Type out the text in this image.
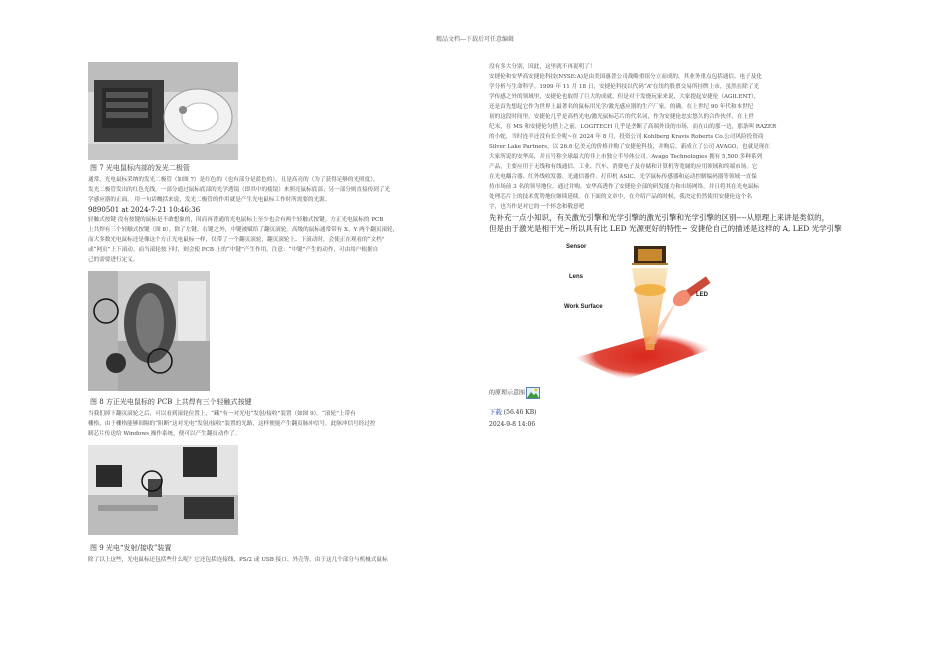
精品文档---下载后可任意编辑
图 7 光电鼠标内部的发光二极管

通常，光电鼠标采纳的发光二极管（如图 7）是红色的（也有部分是蓝色的），且是高亮的（为了获得足够的光照度），

发光二极管发出的红色光线，一部分通过鼠标底部的光学透镜（即其中的棱镜）来照亮鼠标底部；另一部分则直接传到了光

学感应器的正面。 用一句话概括来说，发光二极管的作用就是产生光电鼠标工作时所需要的光源。

9890501 at 2024-7-21 10:46:36

轻触式按键 没有按键的鼠标是不敢想象的，因而再普通的光电鼠标上至少也会有两个轻触式按键。方正光电鼠标的 PCB

上共焊有三个轻触式按键（图 8）。除了左键、右键之外，中键被赋给了翻页滚轮。高级的鼠标通常带有 X、Y 两个翻页滚轮，

而大多数光电鼠标还是像这个方正光电鼠标一样，仅带了一个翻页滚轮，翻页滚轮上、下滚动时，会使正在观看的“文档”

或“网页”上下滚动。而当滚轮按下时，则会使 PCB 上的“中键”产生作用。注意：“中键”产生的动作，可由用户根据自

己的需要进行定义。

图 8 方正光电鼠标的 PCB 上共焊有三个轻触式按键

当我们掉下翻页滚轮之后，可以看到滚轮位置上，“藏”有一对光电“发射/接收”装置（如图 9）。“滚轮”上带有

栅格，由于栅格能够间隔的“阻断”这对光电“发射/接收”装置的光路，这样便能产生翻页脉冲信号，此脉冲信号经过控

制芯片传送给 Windows 操作系统，便可以产生翻页动作了。

图 9 光电“发射/接收”装置

除了以上这些，光电鼠标还包括些什么呢？它还包括连接线、PS/2 或 USB 接口、外壳等。由于这几个部分与机械式鼠标

没有多大分别，因此，这里就不再说明了！

安捷伦和安华高安捷伦科技(NYSE:A)是由美国惠普公司战略重组分立而成的，其业务重点包括通信、电子及化

学分析与生命科学。1999 年 11 月 18 日，安捷伦科技以代码“A”在纽约股票交易所挂牌上市，虽然在除了光

学传感之外的领域里，安捷伦也取得了巨大的成就，但是对于发烧玩家来说，大家提起安捷伦（AGILENT），

还是首先想起它作为世界上最著名的鼠标用光学/激光感应器的生产厂家。的确，在上世纪 90 年代和本世纪

初的这段时间里，安捷伦几乎是高档光电/激光鼠标芯片的代名词，作为安捷伦忠实悠久的合作伙伴，在上世

纪末，在 MS 和安捷伦匀搭上之前，LOGITECH 几乎是垄断了高端外设的市场，而在山的那一边，那条叫 RAZER

的小蛇，当时连羊还没有长全呢~在 2024 年 8 月，投资公司 Kohlberg Kravis Roberts Co.公司风险投资商

Silver Lake Partners，以 26.6 亿美元的价格并购了安捷伦科技，并购后，新成立了公司 AVAGO，也就是现在

大家所说的安华高，并且号称全球最大的非上市独立半导体公司。Avago Technologies 拥有 5,500 多种系列

产品，主要应用于无线和有线通信、工业、汽车、消费电子及存储和计算机等宽阔的应用领域和终端市场。它

在光电耦合器、红外线收发器、光通信器件、打印机 ASIC、光学鼠标传感器和运动控制编码器等领域一直保

持市场前 3 名的领导地位。通过并购，安华高透作了安捷伦全部的研发能力和市场网络，并且将其在光电鼠标

处理芯片上的技术优势地位继续延续。在下面的文章中，在介绍产品的时候，我决定仍然使用安捷伦这个名

字，也当作是对它的一个怀念和敬意吧

先补充一点小知识，有关激光引擎和光学引擎的激光引擎和光学引擎的区别----从原理上来讲是类似的，

但是由于激光是相干光~所以具有比 LED 光源更好的特性~ 安捷伦自己的描述是这样的 A, LED 光学引擎

Sensor
Lens
Work Surface
LED
的原理示意图
下载 (56.46 KB)
2024-9-8 14:06
